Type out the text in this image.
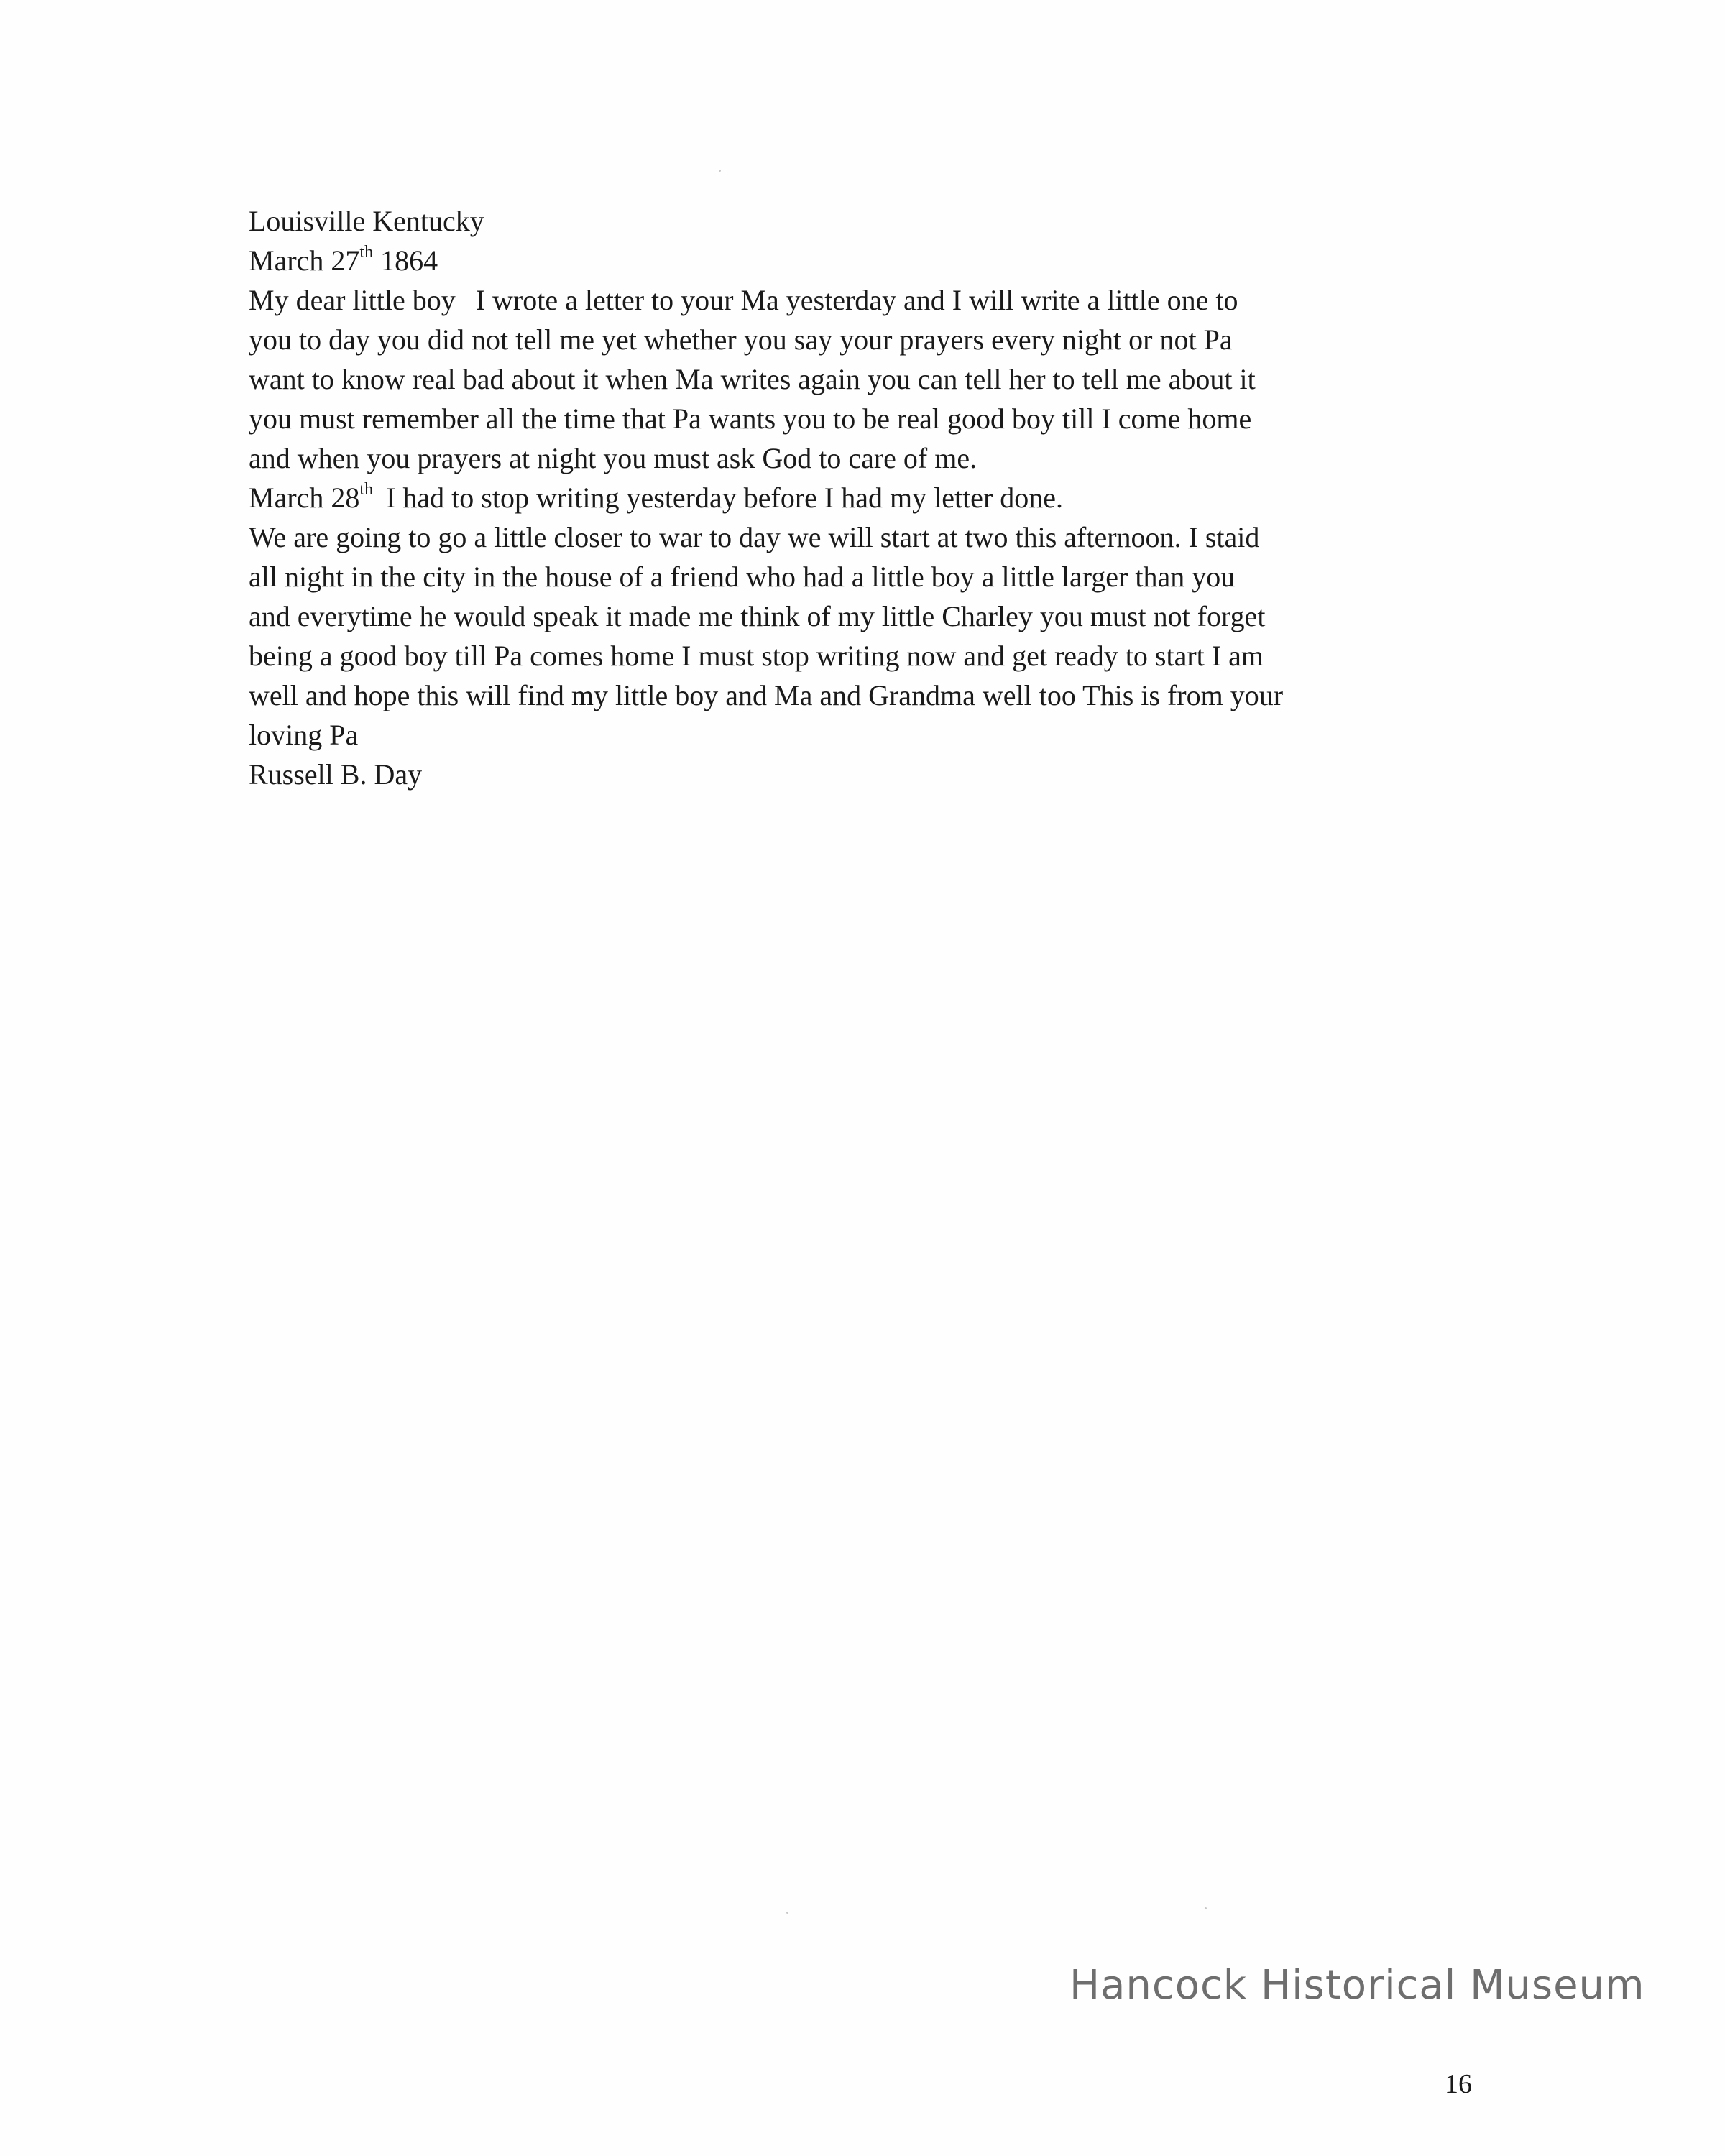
Louisville Kentucky
March 27th 1864
My dear little boy I wrote a letter to your Ma yesterday and I will write a little one to
you to day you did not tell me yet whether you say your prayers every night or not Pa
want to know real bad about it when Ma writes again you can tell her to tell me about it
you must remember all the time that Pa wants you to be real good boy till I come home
and when you prayers at night you must ask God to care of me.
March 28th I had to stop writing yesterday before I had my letter done.
We are going to go a little closer to war to day we will start at two this afternoon. I staid
all night in the city in the house of a friend who had a little boy a little larger than you
and everytime he would speak it made me think of my little Charley you must not forget
being a good boy till Pa comes home I must stop writing now and get ready to start I am
well and hope this will find my little boy and Ma and Grandma well too This is from your
loving Pa
Russell B. Day
Hancock Historical Museum
16
